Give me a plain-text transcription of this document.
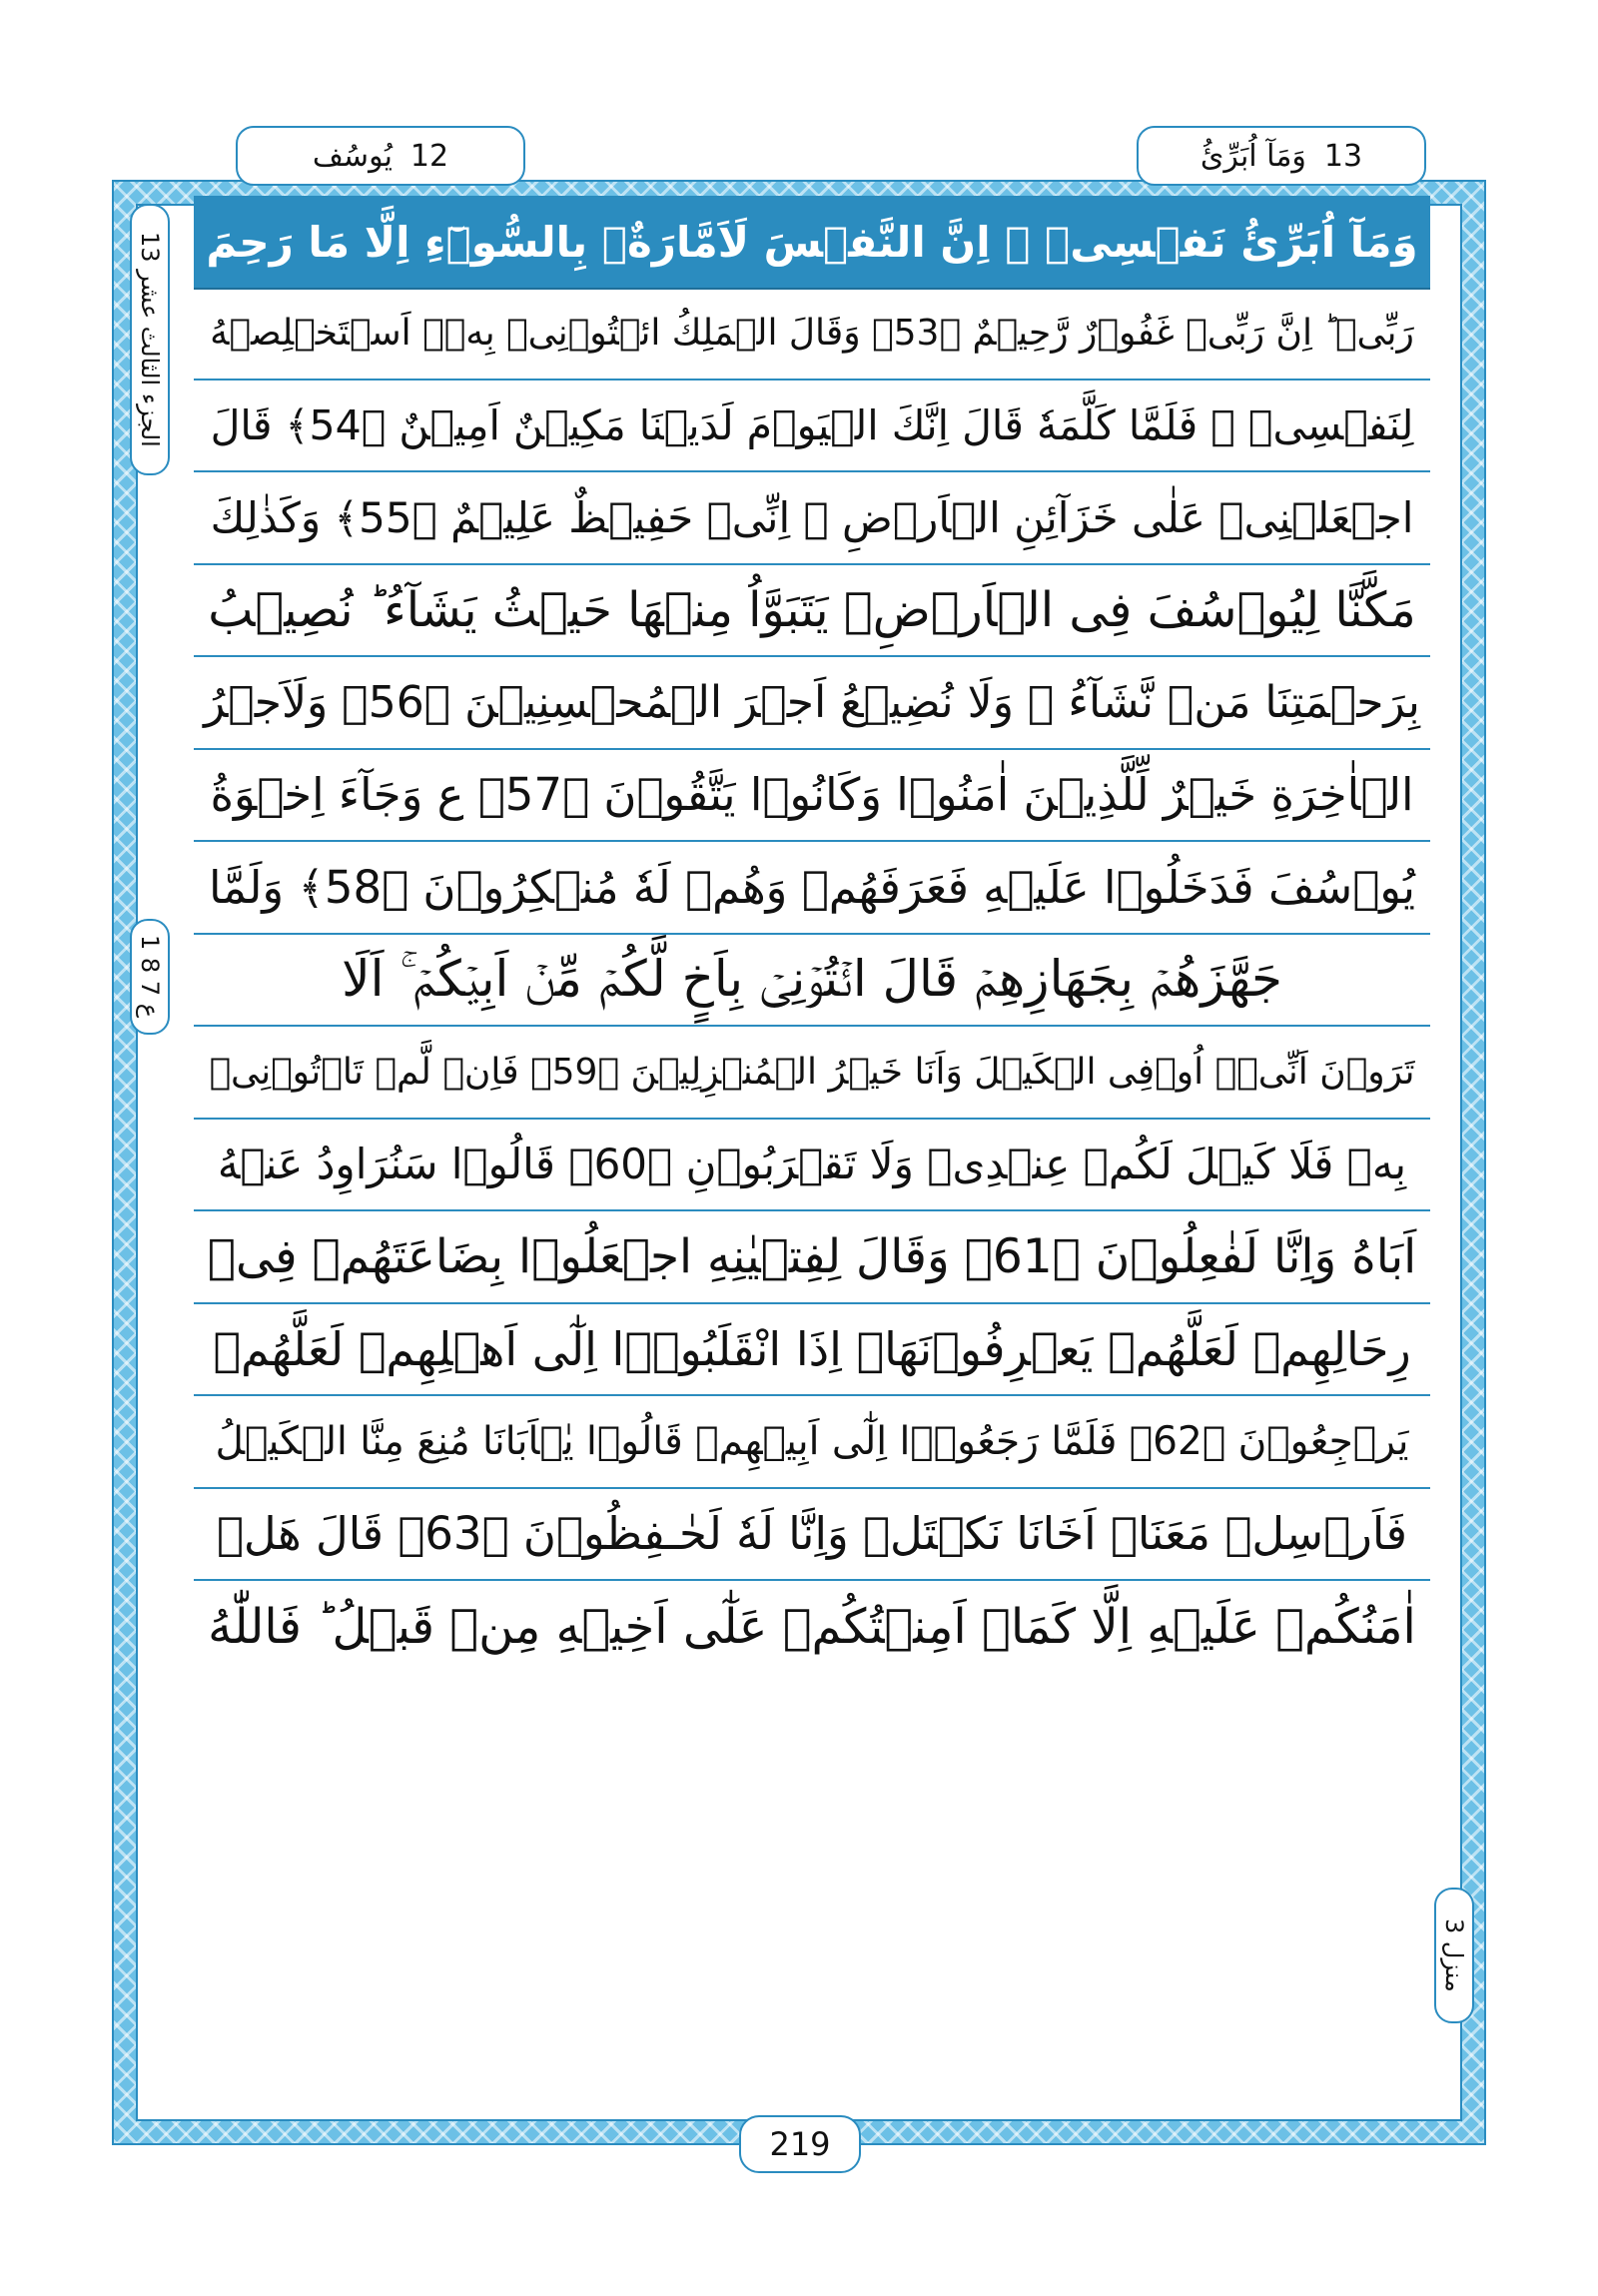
يُوسُف 12	وَمَآ اُبَرِّئُ 13
وَمَآ اُبَرِّئُ نَفۡسِىۡ‌ ۚ اِنَّ النَّفۡسَ لَاَمَّارَةٌۢ بِالسُّوۡٓءِ اِلَّا مَا رَحِمَ
رَبِّىۡ‌ ؕ اِنَّ رَبِّىۡ غَفُوۡرٌ رَّحِيۡمٌ ﴿53﴾ وَقَالَ الۡمَلِكُ ائۡتُوۡنِىۡ بِهٖۤ اَسۡتَخۡلِصۡهُ
لِنَفۡسِىۡ‌ ۚ فَلَمَّا كَلَّمَهٗ قَالَ اِنَّكَ الۡيَوۡمَ لَدَيۡنَا مَكِيۡنٌ اَمِيۡنٌ‏ ﴿54﴾ قَالَ
اجۡعَلۡنِىۡ عَلٰى خَزَآئِنِ الۡاَرۡضِ‌ ۚ اِنِّىۡ حَفِيۡظٌ عَلِيۡمٌ ﴿55﴾ وَكَذٰلِكَ
مَكَّنَّا لِيُوۡسُفَ فِى الۡاَرۡضِ‌ۚ يَتَبَوَّاُ مِنۡهَا حَيۡثُ يَشَآءُ‌ ؕ نُصِيۡبُ
بِرَحۡمَتِنَا مَنۡ نَّشَآءُ‌ ۖ وَلَا نُضِيۡعُ اَجۡرَ الۡمُحۡسِنِيۡنَ ﴿56﴾ وَلَاَجۡرُ
الۡاٰخِرَةِ خَيۡرٌ لِّلَّذِيۡنَ اٰمَنُوۡا وَكَانُوۡا يَتَّقُوۡنَ ﴿57﴾ ع وَجَآءَ اِخۡوَةُ
يُوۡسُفَ فَدَخَلُوۡا عَلَيۡهِ فَعَرَفَهُمۡ وَهُمۡ لَهٗ مُنۡكِرُوۡنَ‏ ﴿58﴾ وَلَمَّا
جَهَّزَهُمۡ بِجَهَازِهِمۡ قَالَ ائۡتُوۡنِىۡ بِاَخٍ لَّكُمۡ مِّنۡ اَبِيۡكُمۡ‌ ۚ اَلَا
تَرَوۡنَ اَنِّىۡۤ اُوۡفِى الۡكَيۡلَ وَاَنَا خَيۡرُ الۡمُنۡزِلِيۡنَ‏ ﴿59﴾ فَاِنۡ لَّمۡ تَاۡتُوۡنِىۡ
بِهٖ فَلَا كَيۡلَ لَكُمۡ عِنۡدِىۡ وَلَا تَقۡرَبُوۡنِ‏ ﴿60﴾ قَالُوۡا سَنُرَاوِدُ عَنۡهُ
اَبَاهُ وَاِنَّا لَفٰعِلُوۡنَ‏ ﴿61﴾ وَقَالَ لِفِتۡيٰنِهِ اجۡعَلُوۡا بِضَاعَتَهُمۡ فِىۡ
رِحَالِهِمۡ لَعَلَّهُمۡ يَعۡرِفُوۡنَهَاۤ اِذَا انْقَلَبُوۡۤا اِلٰٓى اَهۡلِهِمۡ لَعَلَّهُمۡ
يَرۡجِعُوۡنَ‏ ﴿62﴾ فَلَمَّا رَجَعُوۡۤا اِلٰٓى اَبِيۡهِمۡ قَالُوۡا يٰۤاَبَانَا مُنِعَ مِنَّا الۡكَيۡلُ
فَاَرۡسِلۡ مَعَنَاۤ اَخَانَا نَكۡتَلۡ وَاِنَّا لَهٗ لَحٰـفِظُوۡنَ‏ ﴿63﴾ قَالَ هَلۡ
اٰمَنُكُمۡ عَلَيۡهِ اِلَّا كَمَاۤ اَمِنۡتُكُمۡ عَلٰٓى اَخِيۡهِ مِنۡ قَبۡلُ‌ ؕ فَاللّٰهُ
الجزء الثالث عشر 13
ع 7 8 1
منزل 3
219
